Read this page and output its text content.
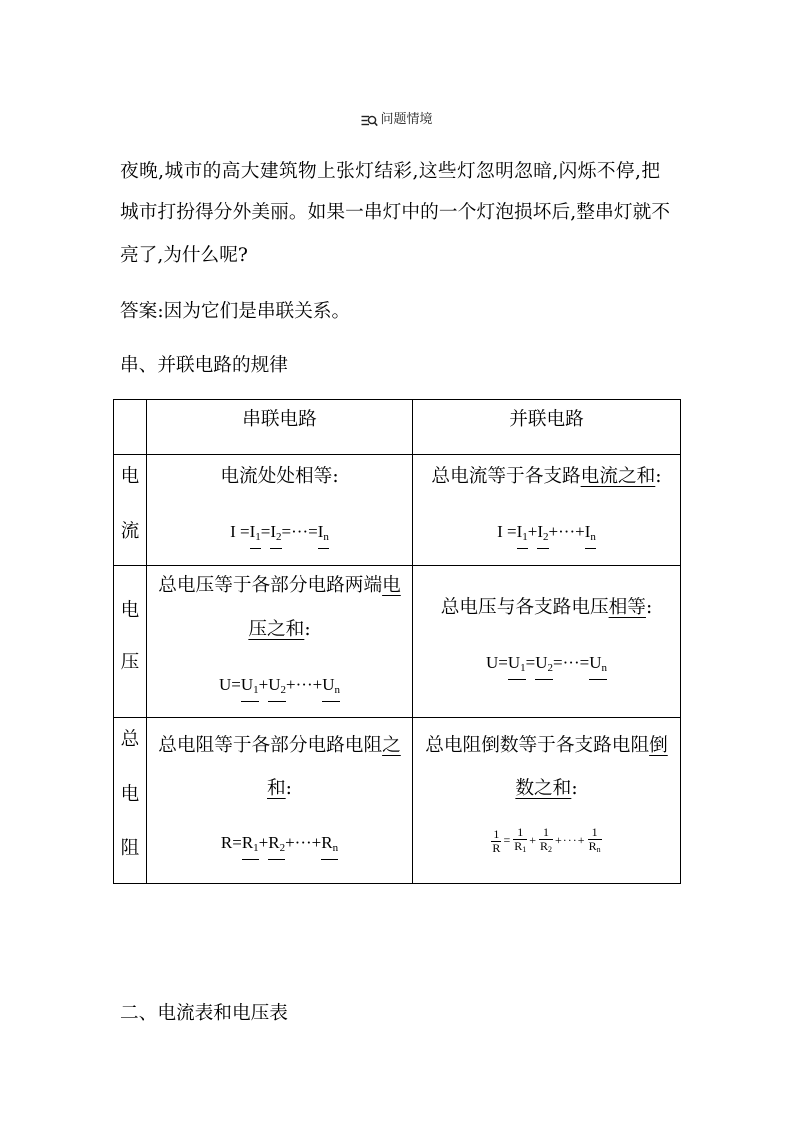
问题情境
夜晚,城市的高大建筑物上张灯结彩,这些灯忽明忽暗,闪烁不停,把
城市打扮得分外美丽。如果一串灯中的一个灯泡损坏后,整串灯就不
亮了,为什么呢?
答案:因为它们是串联关系。
串、并联电路的规律
串联电路	并联电路
电
流
电流处处相等:
$I =I_1=I_2=\cdot\cdot\cdot=I_n$
总电流等于各支路电流之和:
$I =I_1+I_2+\cdot\cdot\cdot+I_n$
电
压
总电压等于各部分电路两端电
压之和:
$U=U_1+U_2+\cdot\cdot\cdot+U_n$
总电压与各支路电压相等:
$U=U_1=U_2=\cdot\cdot\cdot=U_n$
总
电
阻
总电阻等于各部分电路电阻之
和:
$R=R_1+R_2+\cdot\cdot\cdot+R_n$
总电阻倒数等于各支路电阻倒
数之和:
$\frac{1}{R} = \frac{1}{R_1} + \frac{1}{R_2}$ +···+ $\frac{1}{R_n}$
二、电流表和电压表
